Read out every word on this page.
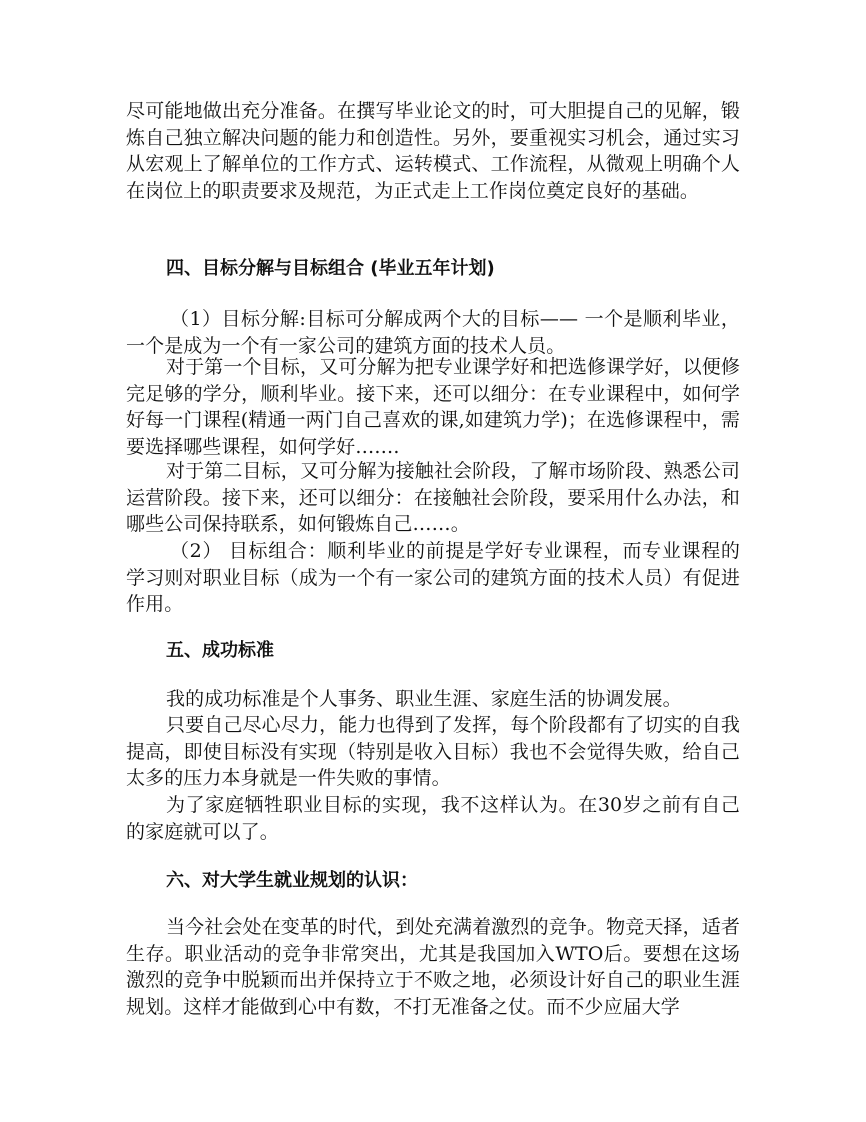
尽可能地做出充分准备。在撰写毕业论文的时，可大胆提自己的见解，锻炼自己独立解决问题的能力和创造性。另外，要重视实习机会，通过实习从宏观上了解单位的工作方式、运转模式、工作流程，从微观上明确个人在岗位上的职责要求及规范，为正式走上工作岗位奠定良好的基础。

四、目标分解与目标组合 (毕业五年计划)

（1）目标分解:目标可分解成两个大的目标—— 一个是顺利毕业，一个是成为一个有一家公司的建筑方面的技术人员。

对于第一个目标，又可分解为把专业课学好和把选修课学好，以便修完足够的学分，顺利毕业。接下来，还可以细分：在专业课程中，如何学好每一门课程(精通一两门自己喜欢的课,如建筑力学)；在选修课程中，需要选择哪些课程，如何学好…….

对于第二目标，又可分解为接触社会阶段，了解市场阶段、熟悉公司运营阶段。接下来，还可以细分：在接触社会阶段，要采用什么办法，和哪些公司保持联系，如何锻炼自己……。

（2） 目标组合：顺利毕业的前提是学好专业课程，而专业课程的学习则对职业目标（成为一个有一家公司的建筑方面的技术人员）有促进作用。

五、成功标准

我的成功标准是个人事务、职业生涯、家庭生活的协调发展。

只要自己尽心尽力，能力也得到了发挥，每个阶段都有了切实的自我提高，即使目标没有实现（特别是收入目标）我也不会觉得失败，给自己太多的压力本身就是一件失败的事情。

为了家庭牺牲职业目标的实现，我不这样认为。在30岁之前有自己的家庭就可以了。

六、对大学生就业规划的认识：

当今社会处在变革的时代，到处充满着激烈的竞争。物竞天择，适者生存。职业活动的竞争非常突出，尤其是我国加入WTO后。要想在这场激烈的竞争中脱颖而出并保持立于不败之地，必须设计好自己的职业生涯规划。这样才能做到心中有数，不打无准备之仗。而不少应届大学
